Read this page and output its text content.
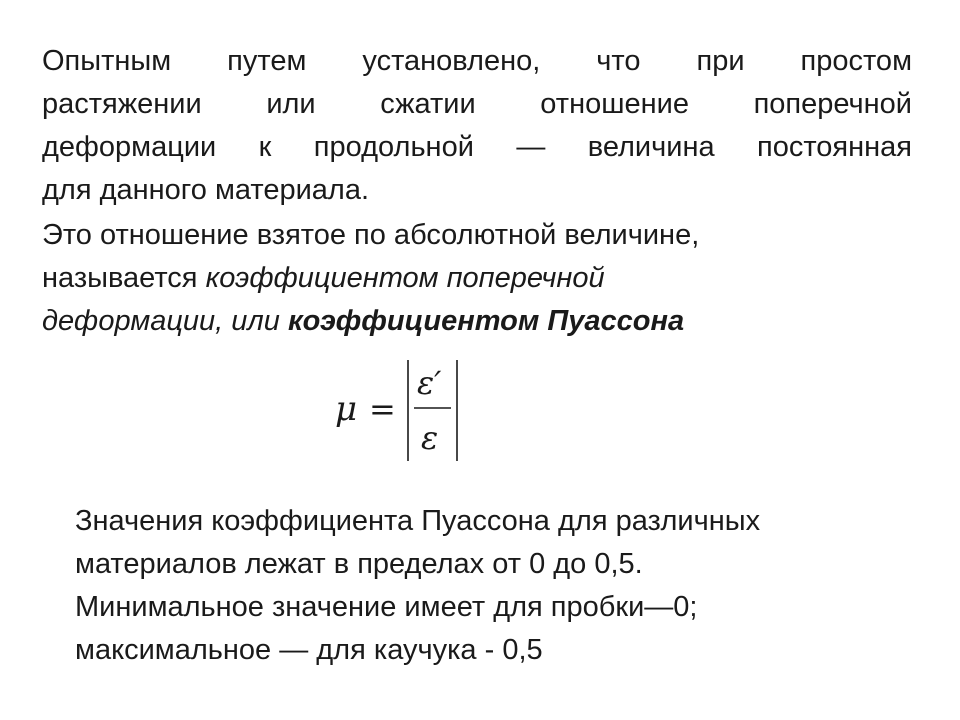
Опытным путем установлено, что при простом
растяжении или сжатии отношение поперечной
деформации к продольной — величина постоянная
для данного материала.
Это отношение взятое по абсолютной величине,
называется коэффициентом поперечной
деформации, или коэффициентом Пуассона
μ =
ε′
ε
Значения коэффициента Пуассона для различных
материалов лежат в пределах от 0 до 0,5.
Минимальное значение имеет для пробки—0;
максимальное — для каучука - 0,5
